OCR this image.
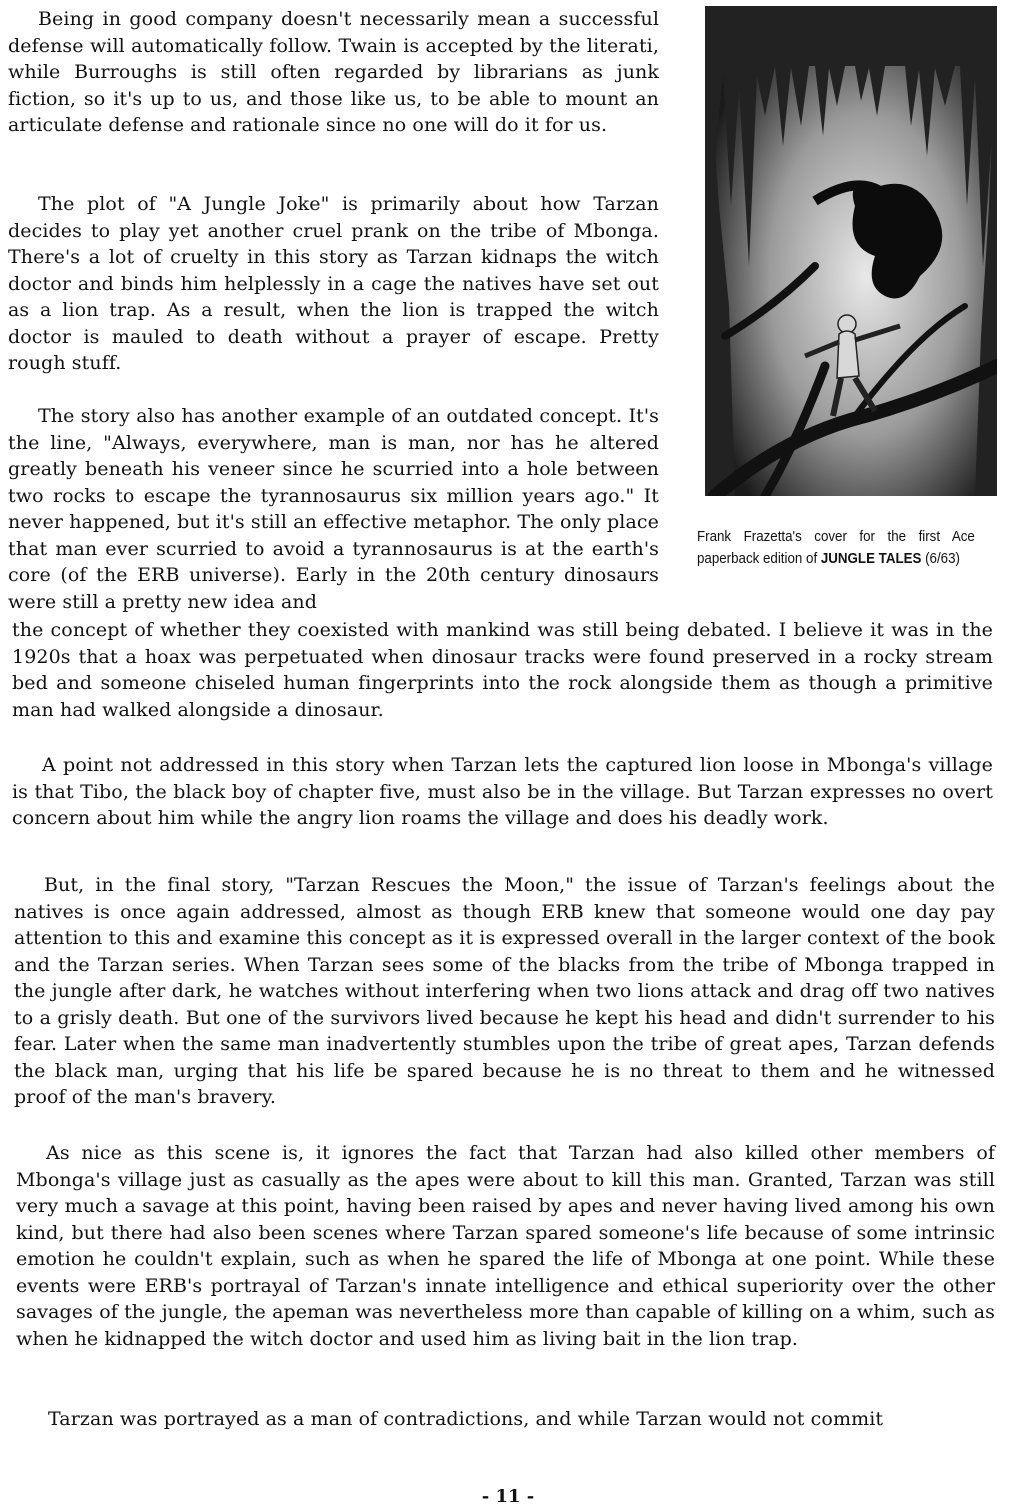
Being in good company doesn't necessarily mean a successful defense will automatically follow. Twain is accepted by the literati, while Burroughs is still often regarded by librarians as junk fiction, so it's up to us, and those like us, to be able to mount an articulate defense and rationale since no one will do it for us.

The plot of "A Jungle Joke" is primarily about how Tarzan decides to play yet another cruel prank on the tribe of Mbonga. There's a lot of cruelty in this story as Tarzan kidnaps the witch doctor and binds him helplessly in a cage the natives have set out as a lion trap. As a result, when the lion is trapped the witch doctor is mauled to death without a prayer of escape. Pretty rough stuff.

The story also has another example of an outdated concept. It's the line, "Always, everywhere, man is man, nor has he altered greatly beneath his veneer since he scurried into a hole between two rocks to escape the tyrannosaurus six million years ago." It never happened, but it's still an effective metaphor. The only place that man ever scurried to avoid a tyrannosaurus is at the earth's core (of the ERB universe). Early in the 20th century dinosaurs were still a pretty new idea and

the concept of whether they coexisted with mankind was still being debated. I believe it was in the 1920s that a hoax was perpetuated when dinosaur tracks were found preserved in a rocky stream bed and someone chiseled human fingerprints into the rock alongside them as though a primitive man had walked alongside a dinosaur.

A point not addressed in this story when Tarzan lets the captured lion loose in Mbonga's village is that Tibo, the black boy of chapter five, must also be in the village. But Tarzan expresses no overt concern about him while the angry lion roams the village and does his deadly work.

But, in the final story, "Tarzan Rescues the Moon," the issue of Tarzan's feelings about the natives is once again addressed, almost as though ERB knew that someone would one day pay attention to this and examine this concept as it is expressed overall in the larger context of the book and the Tarzan series. When Tarzan sees some of the blacks from the tribe of Mbonga trapped in the jungle after dark, he watches without interfering when two lions attack and drag off two natives to a grisly death. But one of the survivors lived because he kept his head and didn't surrender to his fear. Later when the same man inadvertently stumbles upon the tribe of great apes, Tarzan defends the black man, urging that his life be spared because he is no threat to them and he witnessed proof of the man's bravery.

As nice as this scene is, it ignores the fact that Tarzan had also killed other members of Mbonga's village just as casually as the apes were about to kill this man. Granted, Tarzan was still very much a savage at this point, having been raised by apes and never having lived among his own kind, but there had also been scenes where Tarzan spared someone's life because of some intrinsic emotion he couldn't explain, such as when he spared the life of Mbonga at one point. While these events were ERB's portrayal of Tarzan's innate intelligence and ethical superiority over the other savages of the jungle, the apeman was nevertheless more than capable of killing on a whim, such as when he kidnapped the witch doctor and used him as living bait in the lion trap.

Tarzan was portrayed as a man of contradictions, and while Tarzan would not commit

Frank Frazetta's cover for the first Ace paperback edition of JUNGLE TALES (6/63)
- 11 -
